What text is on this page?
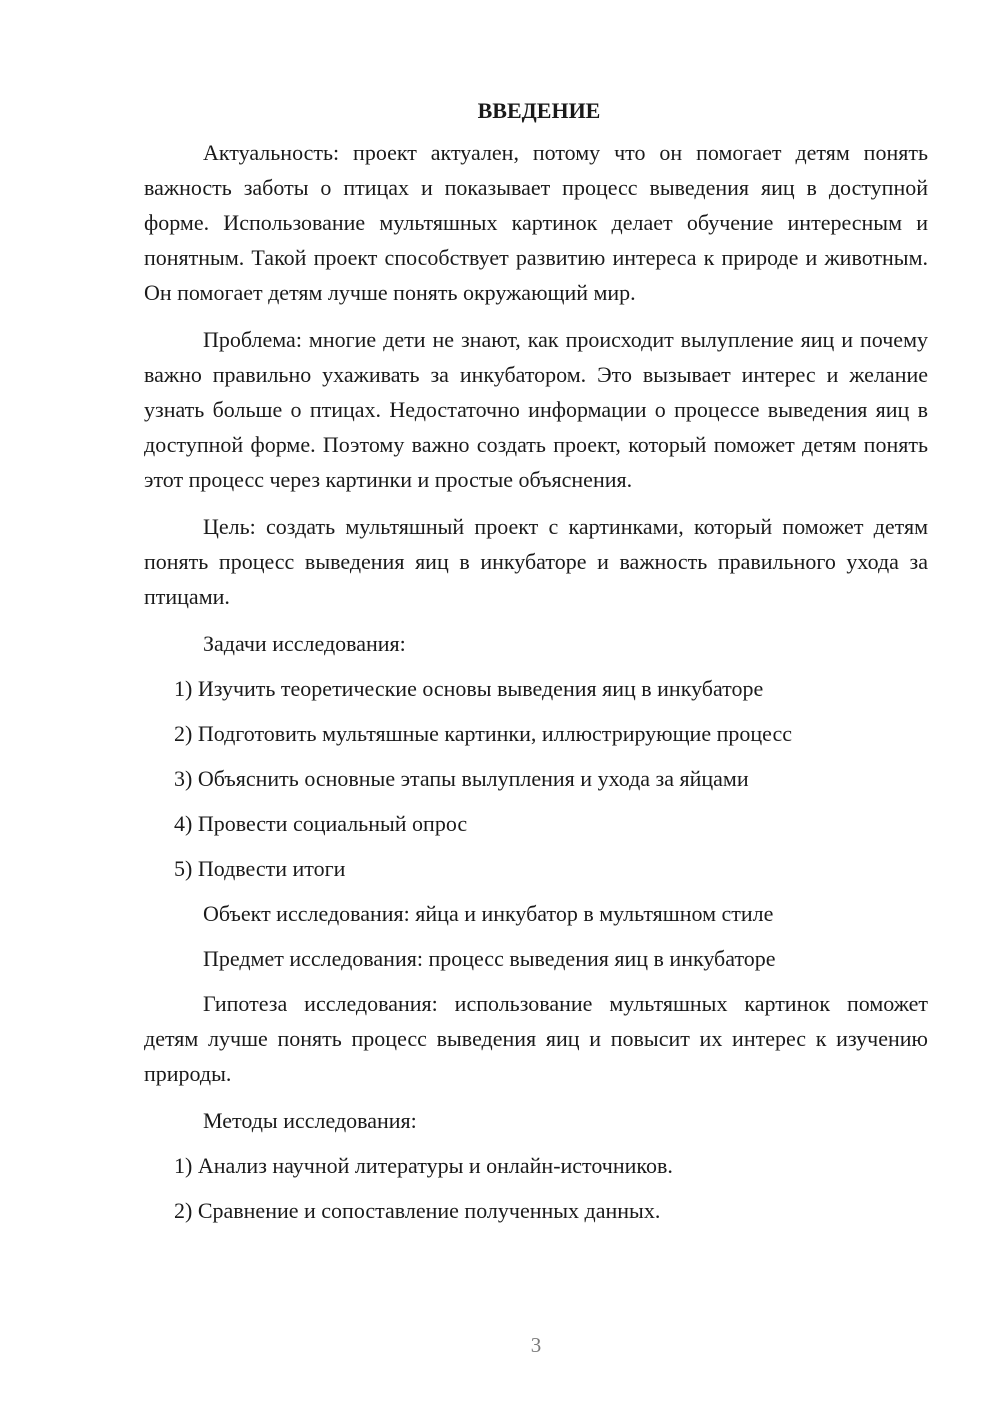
ВВЕДЕНИЕ
Актуальность: проект актуален, потому что он помогает детям понять важность заботы о птицах и показывает процесс выведения яиц в доступной форме. Использование мультяшных картинок делает обучение интересным и понятным. Такой проект способствует развитию интереса к природе и животным. Он помогает детям лучше понять окружающий мир.
Проблема: многие дети не знают, как происходит вылупление яиц и почему важно правильно ухаживать за инкубатором. Это вызывает интерес и желание узнать больше о птицах. Недостаточно информации о процессе выведения яиц в доступной форме. Поэтому важно создать проект, который поможет детям понять этот процесс через картинки и простые объяснения.
Цель: создать мультяшный проект с картинками, который поможет детям понять процесс выведения яиц в инкубаторе и важность правильного ухода за птицами.
Задачи исследования:
1) Изучить теоретические основы выведения яиц в инкубаторе
2) Подготовить мультяшные картинки, иллюстрирующие процесс
3) Объяснить основные этапы вылупления и ухода за яйцами
4) Провести социальный опрос
5) Подвести итоги
Объект исследования: яйца и инкубатор в мультяшном стиле
Предмет исследования: процесс выведения яиц в инкубаторе
Гипотеза исследования: использование мультяшных картинок поможет детям лучше понять процесс выведения яиц и повысит их интерес к изучению природы.
Методы исследования:
1) Анализ научной литературы и онлайн-источников.
2) Сравнение и сопоставление полученных данных.
3
